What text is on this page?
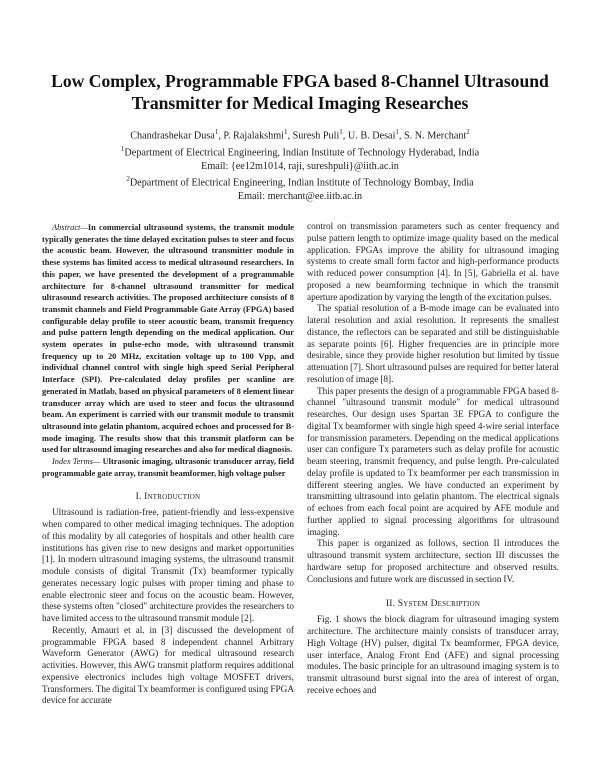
Low Complex, Programmable FPGA based 8-Channel Ultrasound Transmitter for Medical Imaging Researches
Chandrashekar Dusa$^1$, P. Rajalakshmi$^1$, Suresh Puli$^1$, U. B. Desai$^1$, S. N. Merchant$^2$
$^1$Department of Electrical Engineering, Indian Institute of Technology Hyderabad, India
Email: {ee12m1014, raji, sureshpuli}@iith.ac.in
$^2$Department of Electrical Engineering, Indian Institute of Technology Bombay, India
Email: merchant@ee.iitb.ac.in
Abstract—In commercial ultrasound systems, the transmit module typically generates the time delayed excitation pulses to steer and focus the acoustic beam. However, the ultrasound transmitter module in these systems has limited access to medical ultrasound researchers. In this paper, we have presented the development of a programmable architecture for 8-channel ultrasound transmitter for medical ultrasound research activities. The proposed architecture consists of 8 transmit channels and Field Programmable Gate Array (FPGA) based configurable delay profile to steer acoustic beam, transmit frequency and pulse pattern length depending on the medical application. Our system operates in pulse-echo mode, with ultrasound transmit frequency up to 20 MHz, excitation voltage up to 100 Vpp, and individual channel control with single high speed Serial Peripheral Interface (SPI). Pre-calculated delay profiles per scanline are generated in Matlab, based on physical parameters of 8 element linear transducer array which are used to steer and focus the ultrasound beam. An experiment is carried with our transmit module to transmit ultrasound into gelatin phantom, acquired echoes and processed for B-mode imaging. The results show that this transmit platform can be used for ultrasound imaging researches and also for medical diagnosis.
Index Terms— Ultrasonic imaging, ultrasonic transducer array, field programmable gate array, transmit beamformer, high voltage pulser
I. Introduction

Ultrasound is radiation-free, patient-friendly and less-expensive when compared to other medical imaging techniques. The adoption of this modality by all categories of hospitals and other health care institutions has given rise to new designs and market opportunities [1]. In modern ultrasound imaging systems, the ultrasound transmit module consists of digital Transmit (Tx) beamformer typically generates necessary logic pulses with proper timing and phase to enable electronic steer and focus on the acoustic beam. However, these systems often "closed" architecture provides the researchers to have limited access to the ultrasound transmit module [2].

Recently, Amauri et al. in [3] discussed the development of programmable FPGA based 8 independent channel Arbitrary Waveform Generator (AWG) for medical ultrasound research activities. However, this AWG transmit platform requires additional expensive electronics includes high voltage MOSFET drivers, Transformers. The digital Tx beamformer is configured using FPGA device for accurate

control on transmission parameters such as center frequency and pulse pattern length to optimize image quality based on the medical application. FPGAs improve the ability for ultrasound imaging systems to create small form factor and high-performance products with reduced power consumption [4]. In [5], Gabriella et al. have proposed a new beamforming technique in which the transmit aperture apodization by varying the length of the excitation pulses.

The spatial resolution of a B-mode image can be evaluated into lateral resolution and axial resolution. It represents the smallest distance, the reflectors can be separated and still be distinguishable as separate points [6]. Higher frequencies are in principle more desirable, since they provide higher resolution but limited by tissue attenuation [7]. Short ultrasound pulses are required for better lateral resolution of image [8].

This paper presents the design of a programmable FPGA based 8-channel "ultrasound transmit module" for medical ultrasound researches. Our design uses Spartan 3E FPGA to configure the digital Tx beamformer with single high speed 4-wire serial interface for transmission parameters. Depending on the medical applications user can configure Tx parameters such as delay profile for acoustic beam steering, transmit frequency, and pulse length. Pre-calculated delay profile is updated to Tx beamformer per each transmission in different steering angles. We have conducted an experiment by transmitting ultrasound into gelatin phantom. The electrical signals of echoes from each focal point are acquired by AFE module and further applied to signal processing algorithms for ultrasound imaging.

This paper is organized as follows, section II introduces the ultrasound transmit system architecture, section III discusses the hardware setup for proposed architecture and observed results. Conclusions and future work are discussed in section IV.

II. System Description

Fig. 1 shows the block diagram for ultrasound imaging system architecture. The architecture mainly consists of transducer array, High Voltage (HV) pulser, digital Tx beamformer, FPGA device, user interface, Analog Front End (AFE) and signal processing modules. The basic principle for an ultrasound imaging system is to transmit ultrasound burst signal into the area of interest of organ, receive echoes and
